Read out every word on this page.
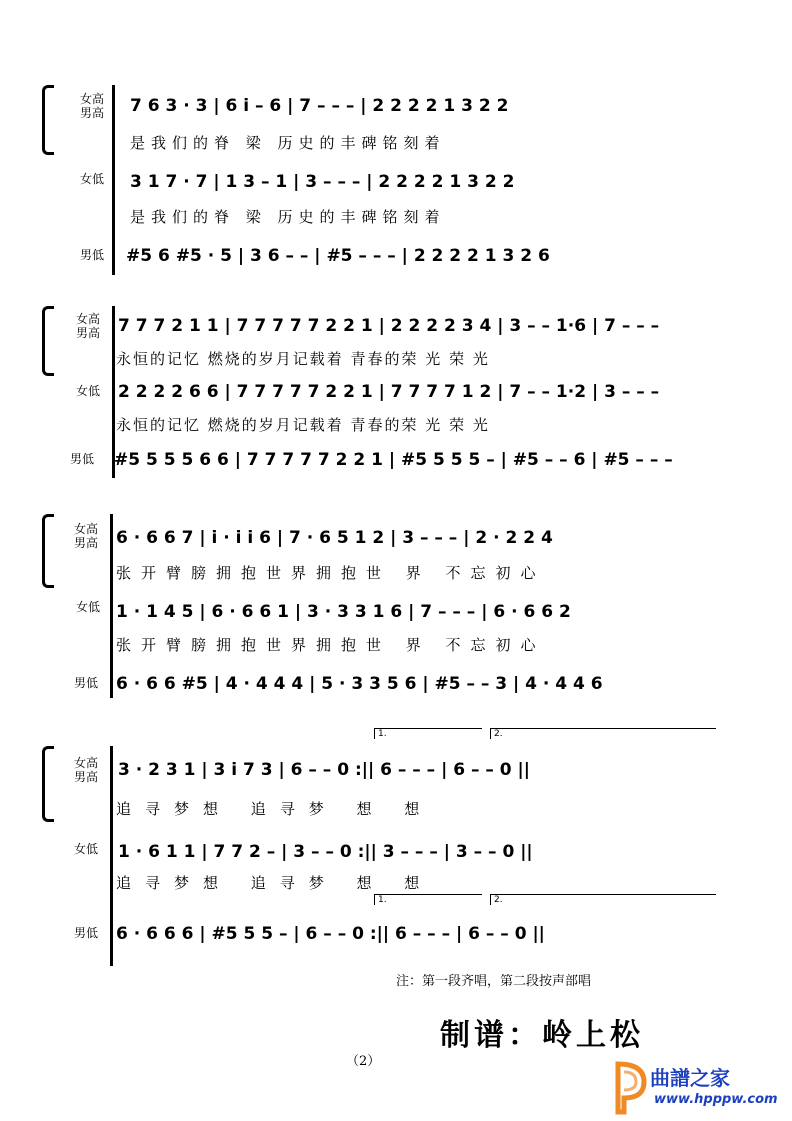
女高
男高
女低
男低
7 6 3 · 3 | 6 i – 6 | 7 – – – | 2 2 2 2 1 3 2 2
是我们的脊 梁 历史的丰碑铭刻着
3 1 7 · 7 | 1 3 – 1 | 3 – – – | 2 2 2 2 1 3 2 2
是我们的脊 梁 历史的丰碑铭刻着
#5 6 #5 · 5 | 3 6 – – | #5 – – – | 2 2 2 2 1 3 2 6
女高
男高
女低
男低
7 7 7 2 1 1 | 7 7 7 7 7 2 2 1 | 2 2 2 2 3 4 | 3 – – 1·6 | 7 – – –
永恒的记忆 燃烧的岁月记载着 青春的荣 光 荣 光
2 2 2 2 6 6 | 7 7 7 7 7 2 2 1 | 7 7 7 7 1 2 | 7 – – 1·2 | 3 – – –
永恒的记忆 燃烧的岁月记载着 青春的荣 光 荣 光
#5 5 5 5 6 6 | 7 7 7 7 7 2 2 1 | #5 5 5 5 – | #5 – – 6 | #5 – – –
女高
男高
女低
男低
6 · 6 6 7 | i · i i 6 | 7 · 6 5 1 2 | 3 – – – | 2 · 2 2 4
张开臂膀拥抱世界拥抱世 界 不忘初心
1 · 1 4 5 | 6 · 6 6 1 | 3 · 3 3 1 6 | 7 – – – | 6 · 6 6 2
张开臂膀拥抱世界拥抱世 界 不忘初心
6 · 6 6 #5 | 4 · 4 4 4 | 5 · 3 3 5 6 | #5 – – 3 | 4 · 4 4 6
1.	2.
女高
男高
女低
男低
3 · 2 3 1 | 3 i 7 3 | 6 – – 0 :|| 6 – – – | 6 – – 0 ||
追寻梦想 追寻梦 想 想
1 · 6 1 1 | 7 7 2 – | 3 – – 0 :|| 3 – – – | 3 – – 0 ||
追寻梦想 追寻梦 想 想
1.	2.
6 · 6 6 6 | #5 5 5 – | 6 – – 0 :|| 6 – – – | 6 – – 0 ||
注：第一段齐唱，第二段按声部唱
制谱：岭上松
（2）
曲譜之家
www.hpppw.com
